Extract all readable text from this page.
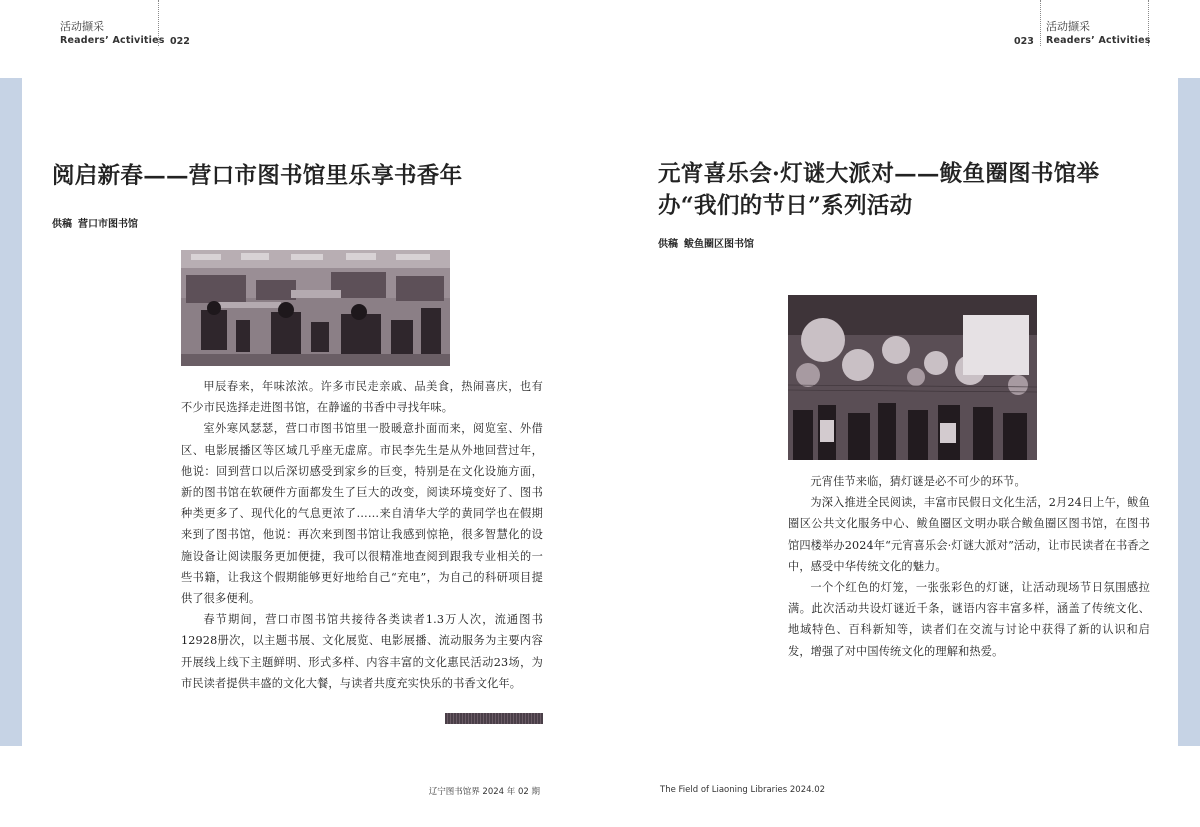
活动撷采
Readers’ Activities 022
活动撷采
Readers’ Activities
023
阅启新春——营口市图书馆里乐享书香年
供稿 营口市图书馆

甲辰春来，年味浓浓。许多市民走亲戚、品美食，热闹喜庆，也有不少市民选择走进图书馆，在静谧的书香中寻找年味。

室外寒风瑟瑟，营口市图书馆里一股暖意扑面而来，阅览室、外借区、电影展播区等区域几乎座无虚席。市民李先生是从外地回营过年，他说：回到营口以后深切感受到家乡的巨变，特别是在文化设施方面，新的图书馆在软硬件方面都发生了巨大的改变，阅读环境变好了、图书种类更多了、现代化的气息更浓了……来自清华大学的黄同学也在假期来到了图书馆，他说：再次来到图书馆让我感到惊艳，很多智慧化的设施设备让阅读服务更加便捷，我可以很精准地查阅到跟我专业相关的一些书籍，让我这个假期能够更好地给自己“充电”，为自己的科研项目提供了很多便利。

春节期间，营口市图书馆共接待各类读者1.3万人次，流通图书12928册次，以主题书展、文化展览、电影展播、流动服务为主要内容开展线上线下主题鲜明、形式多样、内容丰富的文化惠民活动23场，为市民读者提供丰盛的文化大餐，与读者共度充实快乐的书香文化年。

元宵喜乐会·灯谜大派对——鲅鱼圈图书馆举办“我们的节日”系列活动
供稿 鲅鱼圈区图书馆

元宵佳节来临，猜灯谜是必不可少的环节。

为深入推进全民阅读，丰富市民假日文化生活，2月24日上午，鲅鱼圈区公共文化服务中心、鲅鱼圈区文明办联合鲅鱼圈区图书馆，在图书馆四楼举办2024年“元宵喜乐会·灯谜大派对”活动，让市民读者在书香之中，感受中华传统文化的魅力。

一个个红色的灯笼，一张张彩色的灯谜，让活动现场节日氛围感拉满。此次活动共设灯谜近千条，谜语内容丰富多样，涵盖了传统文化、地域特色、百科新知等，读者们在交流与讨论中获得了新的认识和启发，增强了对中国传统文化的理解和热爱。

辽宁图书馆界 2024 年 02 期	The Field of Liaoning Libraries 2024.02
